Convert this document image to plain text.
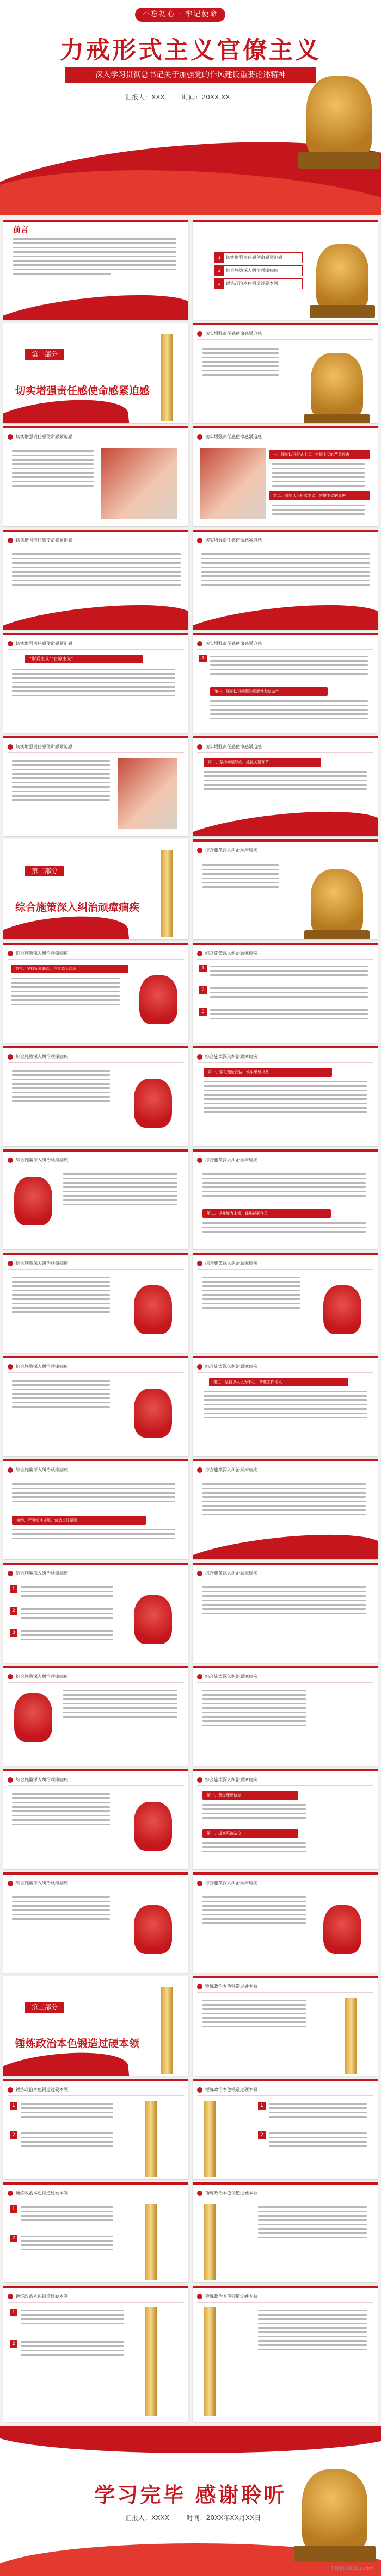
不忘初心 · 牢记使命
力戒形式主义官僚主义
深入学习贯彻总书记关于加强党的作风建设重要论述精神
汇报人：XXX	时间：20XX.XX
前言
1	切实增强责任感使命感紧迫感
2	综合施策深入纠治顽瘴痼疾
3	锤炼政治本色锻造过硬本领
第一部分
切实增强责任感使命感紧迫感
切实增强责任感使命感紧迫感
切实增强责任感使命感紧迫感	切实增强责任感使命感紧迫感
一、深刻认识形式主义、官僚主义的严重危害
第二、深刻认识形式主义、官僚主义的危害
切实增强责任感使命感紧迫感	切实增强责任感使命感紧迫感
切实增强责任感使命感紧迫感
“形式主义”“官僚主义”
切实增强责任感使命感紧迫感
1
第三、深刻认识问题的顽固性和复杂性
切实增强责任感使命感紧迫感	切实增强责任感使命感紧迫感
第二、坚持问题导向，抓住关键环节
第二部分
综合施策深入纠治顽瘴痼疾
综合施策深入纠治顽瘴痼疾
综合施策深入纠治顽瘴痼疾
第三、坚持标本兼治，注重源头治理
综合施策深入纠治顽瘴痼疾
1
2
3
综合施策深入纠治顽瘴痼疾	综合施策深入纠治顽瘴痼疾
第一、强化理论武装，筑牢思想根基
综合施策深入纠治顽瘴痼疾	综合施策深入纠治顽瘴痼疾
第二、提升能力本领，锤炼过硬作风
综合施策深入纠治顽瘴痼疾	综合施策深入纠治顽瘴痼疾
综合施策深入纠治顽瘴痼疾	综合施策深入纠治顽瘴痼疾
第三、坚持以人民为中心，转变工作作风
综合施策深入纠治顽瘴痼疾
第四、严明纪律规矩，营造良好氛围
综合施策深入纠治顽瘴痼疾
综合施策深入纠治顽瘴痼疾
1
2
3
综合施策深入纠治顽瘴痼疾
综合施策深入纠治顽瘴痼疾	综合施策深入纠治顽瘴痼疾
综合施策深入纠治顽瘴痼疾	综合施策深入纠治顽瘴痼疾
第一、坚定理想信念
第二、提高政治站位
综合施策深入纠治顽瘴痼疾	综合施策深入纠治顽瘴痼疾
第三部分
锤炼政治本色锻造过硬本领
锤炼政治本色锻造过硬本领
锤炼政治本色锻造过硬本领
1
2
锤炼政治本色锻造过硬本领
1
2
锤炼政治本色锻造过硬本领
1
2
锤炼政治本色锻造过硬本领
锤炼政治本色锻造过硬本领
1
2
锤炼政治本色锻造过硬本领
学习完毕 感谢聆听
汇报人：XXXX	时间：20XX年XX月XX日
千库网 588ku.com
